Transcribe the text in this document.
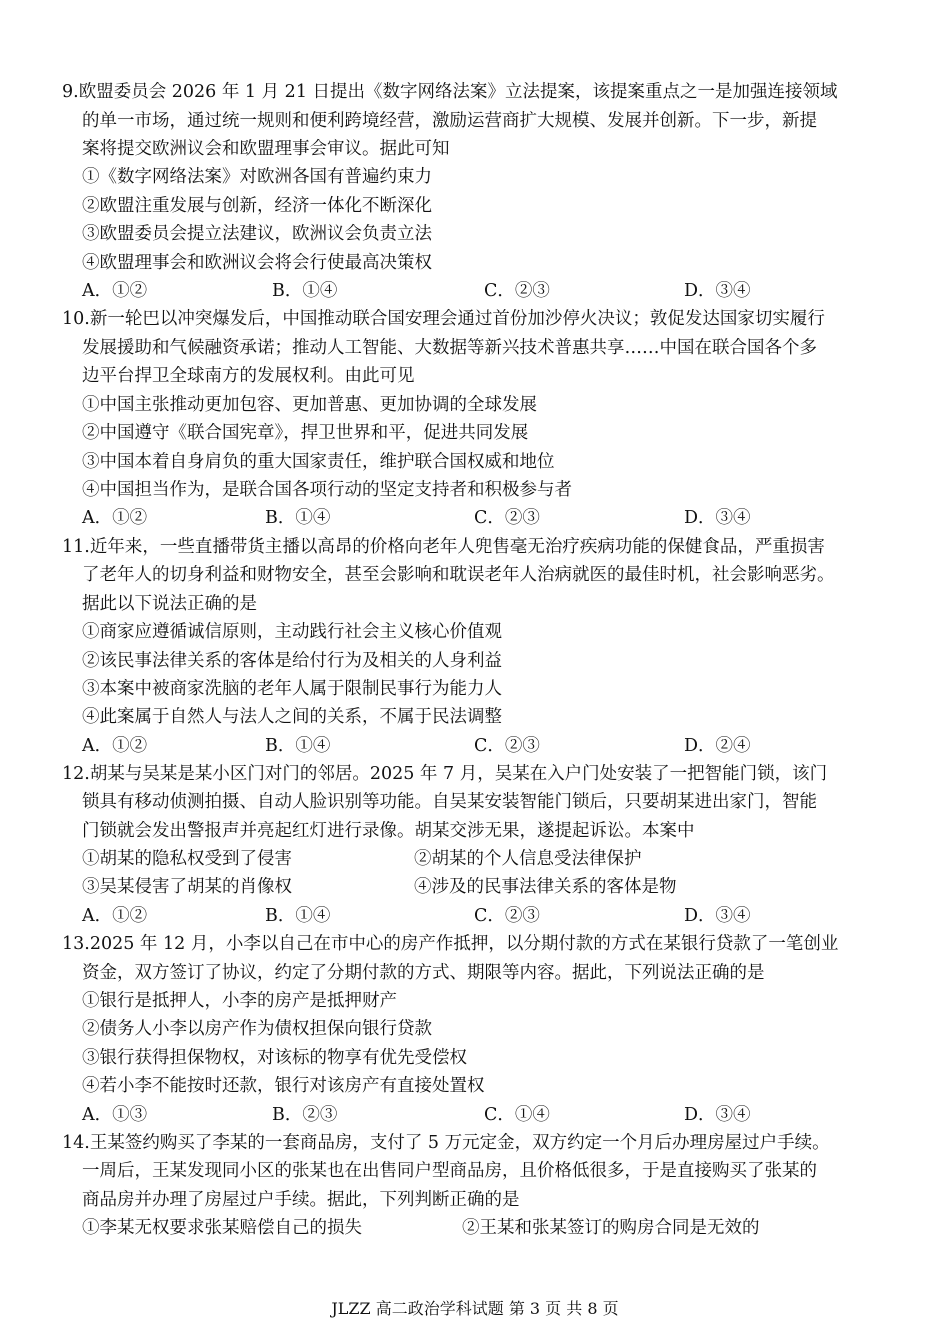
9.欧盟委员会 2026 年 1 月 21 日提出《数字网络法案》立法提案，该提案重点之一是加强连接领域
的单一市场，通过统一规则和便利跨境经营，激励运营商扩大规模、发展并创新。下一步，新提
案将提交欧洲议会和欧盟理事会审议。据此可知
①《数字网络法案》对欧洲各国有普遍约束力
②欧盟注重发展与创新，经济一体化不断深化
③欧盟委员会提立法建议，欧洲议会负责立法
④欧盟理事会和欧洲议会将会行使最高决策权
A．①②	B．①④	C．②③	D．③④
10.新一轮巴以冲突爆发后，中国推动联合国安理会通过首份加沙停火决议；敦促发达国家切实履行
发展援助和气候融资承诺；推动人工智能、大数据等新兴技术普惠共享……中国在联合国各个多
边平台捍卫全球南方的发展权利。由此可见
①中国主张推动更加包容、更加普惠、更加协调的全球发展
②中国遵守《联合国宪章》，捍卫世界和平，促进共同发展
③中国本着自身肩负的重大国家责任，维护联合国权威和地位
④中国担当作为，是联合国各项行动的坚定支持者和积极参与者
A．①②	B．①④	C．②③	D．③④
11.近年来，一些直播带货主播以高昂的价格向老年人兜售毫无治疗疾病功能的保健食品，严重损害
了老年人的切身利益和财物安全，甚至会影响和耽误老年人治病就医的最佳时机，社会影响恶劣。
据此以下说法正确的是
①商家应遵循诚信原则，主动践行社会主义核心价值观
②该民事法律关系的客体是给付行为及相关的人身利益
③本案中被商家洗脑的老年人属于限制民事行为能力人
④此案属于自然人与法人之间的关系，不属于民法调整
A．①②	B．①④	C．②③	D．②④
12.胡某与吴某是某小区门对门的邻居。2025 年 7 月，吴某在入户门处安装了一把智能门锁，该门
锁具有移动侦测拍摄、自动人脸识别等功能。自吴某安装智能门锁后，只要胡某进出家门，智能
门锁就会发出警报声并亮起红灯进行录像。胡某交涉无果，遂提起诉讼。本案中
①胡某的隐私权受到了侵害	②胡某的个人信息受法律保护
③吴某侵害了胡某的肖像权	④涉及的民事法律关系的客体是物
A．①②	B．①④	C．②③	D．③④
13.2025 年 12 月，小李以自己在市中心的房产作抵押，以分期付款的方式在某银行贷款了一笔创业
资金，双方签订了协议，约定了分期付款的方式、期限等内容。据此，下列说法正确的是
①银行是抵押人，小李的房产是抵押财产
②债务人小李以房产作为债权担保向银行贷款
③银行获得担保物权，对该标的物享有优先受偿权
④若小李不能按时还款，银行对该房产有直接处置权
A．①③	B．②③	C．①④	D．③④
14.王某签约购买了李某的一套商品房，支付了 5 万元定金，双方约定一个月后办理房屋过户手续。
一周后，王某发现同小区的张某也在出售同户型商品房，且价格低很多，于是直接购买了张某的
商品房并办理了房屋过户手续。据此，下列判断正确的是
①李某无权要求张某赔偿自己的损失	②王某和张某签订的购房合同是无效的
JLZZ 高二政治学科试题 第 3 页 共 8 页
